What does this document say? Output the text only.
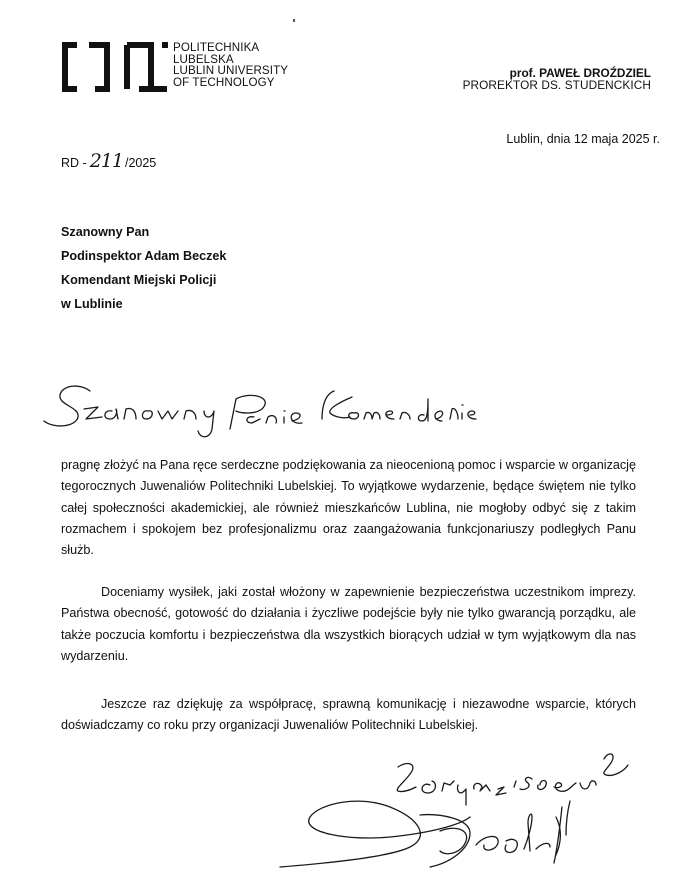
POLITECHNIKA
LUBELSKA
LUBLIN UNIVERSITY
OF TECHNOLOGY
prof. PAWEŁ DROŹDZIEL
PROREKTOR DS. STUDENCKICH
Lublin, dnia 12 maja 2025 r.
RD - 211 /2025
Szanowny Pan
Podinspektor Adam Beczek
Komendant Miejski Policji
w Lublinie
pragnę złożyć na Pana ręce serdeczne podziękowania za nieocenioną pomoc i wsparcie w organizację tegorocznych Juwenaliów Politechniki Lubelskiej. To wyjątkowe wydarzenie, będące świętem nie tylko całej społeczności akademickiej, ale również mieszkańców Lublina, nie mogłoby odbyć się z takim rozmachem i spokojem bez profesjonalizmu oraz zaangażowania funkcjonariuszy podległych Panu służb.
Doceniamy wysiłek, jaki został włożony w zapewnienie bezpieczeństwa uczestnikom imprezy. Państwa obecność, gotowość do działania i życzliwe podejście były nie tylko gwarancją porządku, ale także poczucia komfortu i bezpieczeństwa dla wszystkich biorących udział w tym wyjątkowym dla nas wydarzeniu.
Jeszcze raz dziękuję za współpracę, sprawną komunikację i niezawodne wsparcie, których doświadczamy co roku przy organizacji Juwenaliów Politechniki Lubelskiej.
